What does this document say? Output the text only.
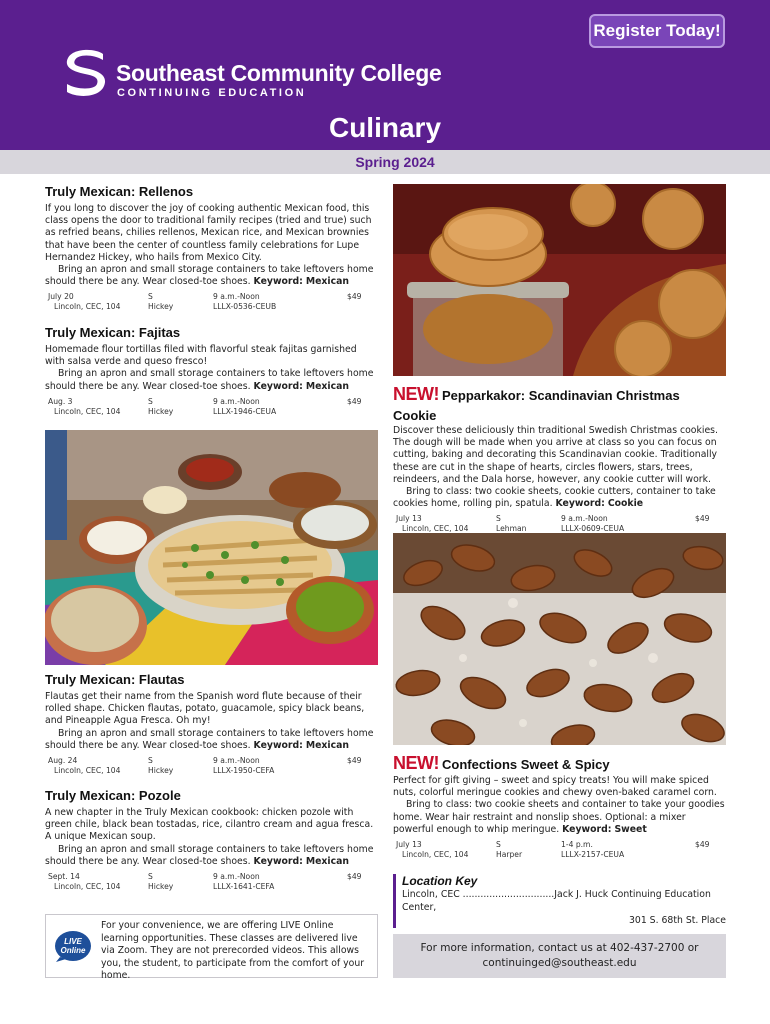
Register Today!
Southeast Community College
CONTINUING EDUCATION
Culinary
Spring 2024
Truly Mexican: Rellenos

If you long to discover the joy of cooking authentic Mexican food, this class opens the door to traditional family recipes (tried and true) such as refried beans, chilies rellenos, Mexican rice, and Mexican brownies that have been the center of countless family celebrations for Lupe Hernandez Hickey, who hails from Mexico City.

Bring an apron and small storage containers to take leftovers home should there be any. Wear closed-toe shoes. Keyword: Mexican

July 20
Lincoln, CEC, 104
S
Hickey
9 a.m.-Noon
LLLX-0536-CEUB
$49
Truly Mexican: Fajitas

Homemade flour tortillas filed with flavorful steak fajitas garnished with salsa verde and queso fresco!

Bring an apron and small storage containers to take leftovers home should there be any. Wear closed-toe shoes. Keyword: Mexican

Aug. 3
Lincoln, CEC, 104
S
Hickey
9 a.m.-Noon
LLLX-1946-CEUA
$49
Truly Mexican: Flautas

Flautas get their name from the Spanish word flute because of their rolled shape. Chicken flautas, potato, guacamole, spicy black beans, and Pineapple Agua Fresca. Oh my!

Bring an apron and small storage containers to take leftovers home should there be any. Wear closed-toe shoes. Keyword: Mexican

Aug. 24
Lincoln, CEC, 104
S
Hickey
9 a.m.-Noon
LLLX-1950-CEFA
$49
Truly Mexican: Pozole

A new chapter in the Truly Mexican cookbook: chicken pozole with green chile, black bean tostadas, rice, cilantro cream and agua fresca. A unique Mexican soup.

Bring an apron and small storage containers to take leftovers home should there be any. Wear closed-toe shoes. Keyword: Mexican

Sept. 14
Lincoln, CEC, 104
S
Hickey
9 a.m.-Noon
LLLX-1641-CEFA
$49
LIVE
Online
For your convenience, we are offering LIVE Online learning opportunities. These classes are delivered live via Zoom. They are not prerecorded videos. This allows you, the student, to participate from the comfort of your home.
NEW! Pepparkakor: Scandinavian Christmas Cookie

Discover these deliciously thin traditional Swedish Christmas cookies. The dough will be made when you arrive at class so you can focus on cutting, baking and decorating this Scandinavian cookie. Traditionally these are cut in the shape of hearts, circles flowers, stars, trees, reindeers, and the Dala horse, however, any cookie cutter will work.

Bring to class: two cookie sheets, cookie cutters, container to take cookies home, rolling pin, spatula. Keyword: Cookie

July 13
Lincoln, CEC, 104
S
Lehman
9 a.m.-Noon
LLLX-0609-CEUA
$49
NEW! Confections Sweet & Spicy

Perfect for gift giving – sweet and spicy treats! You will make spiced nuts, colorful meringue cookies and chewy oven-baked caramel corn.

Bring to class: two cookie sheets and container to take your goodies home. Wear hair restraint and nonslip shoes. Optional: a mixer powerful enough to whip meringue. Keyword: Sweet

July 13
Lincoln, CEC, 104
S
Harper
1-4 p.m.
LLLX-2157-CEUA
$49
Location Key
Lincoln, CEC ...............................Jack J. Huck Continuing Education Center,
301 S. 68th St. Place
For more information, contact us at 402-437-2700 or
continuinged@southeast.edu
